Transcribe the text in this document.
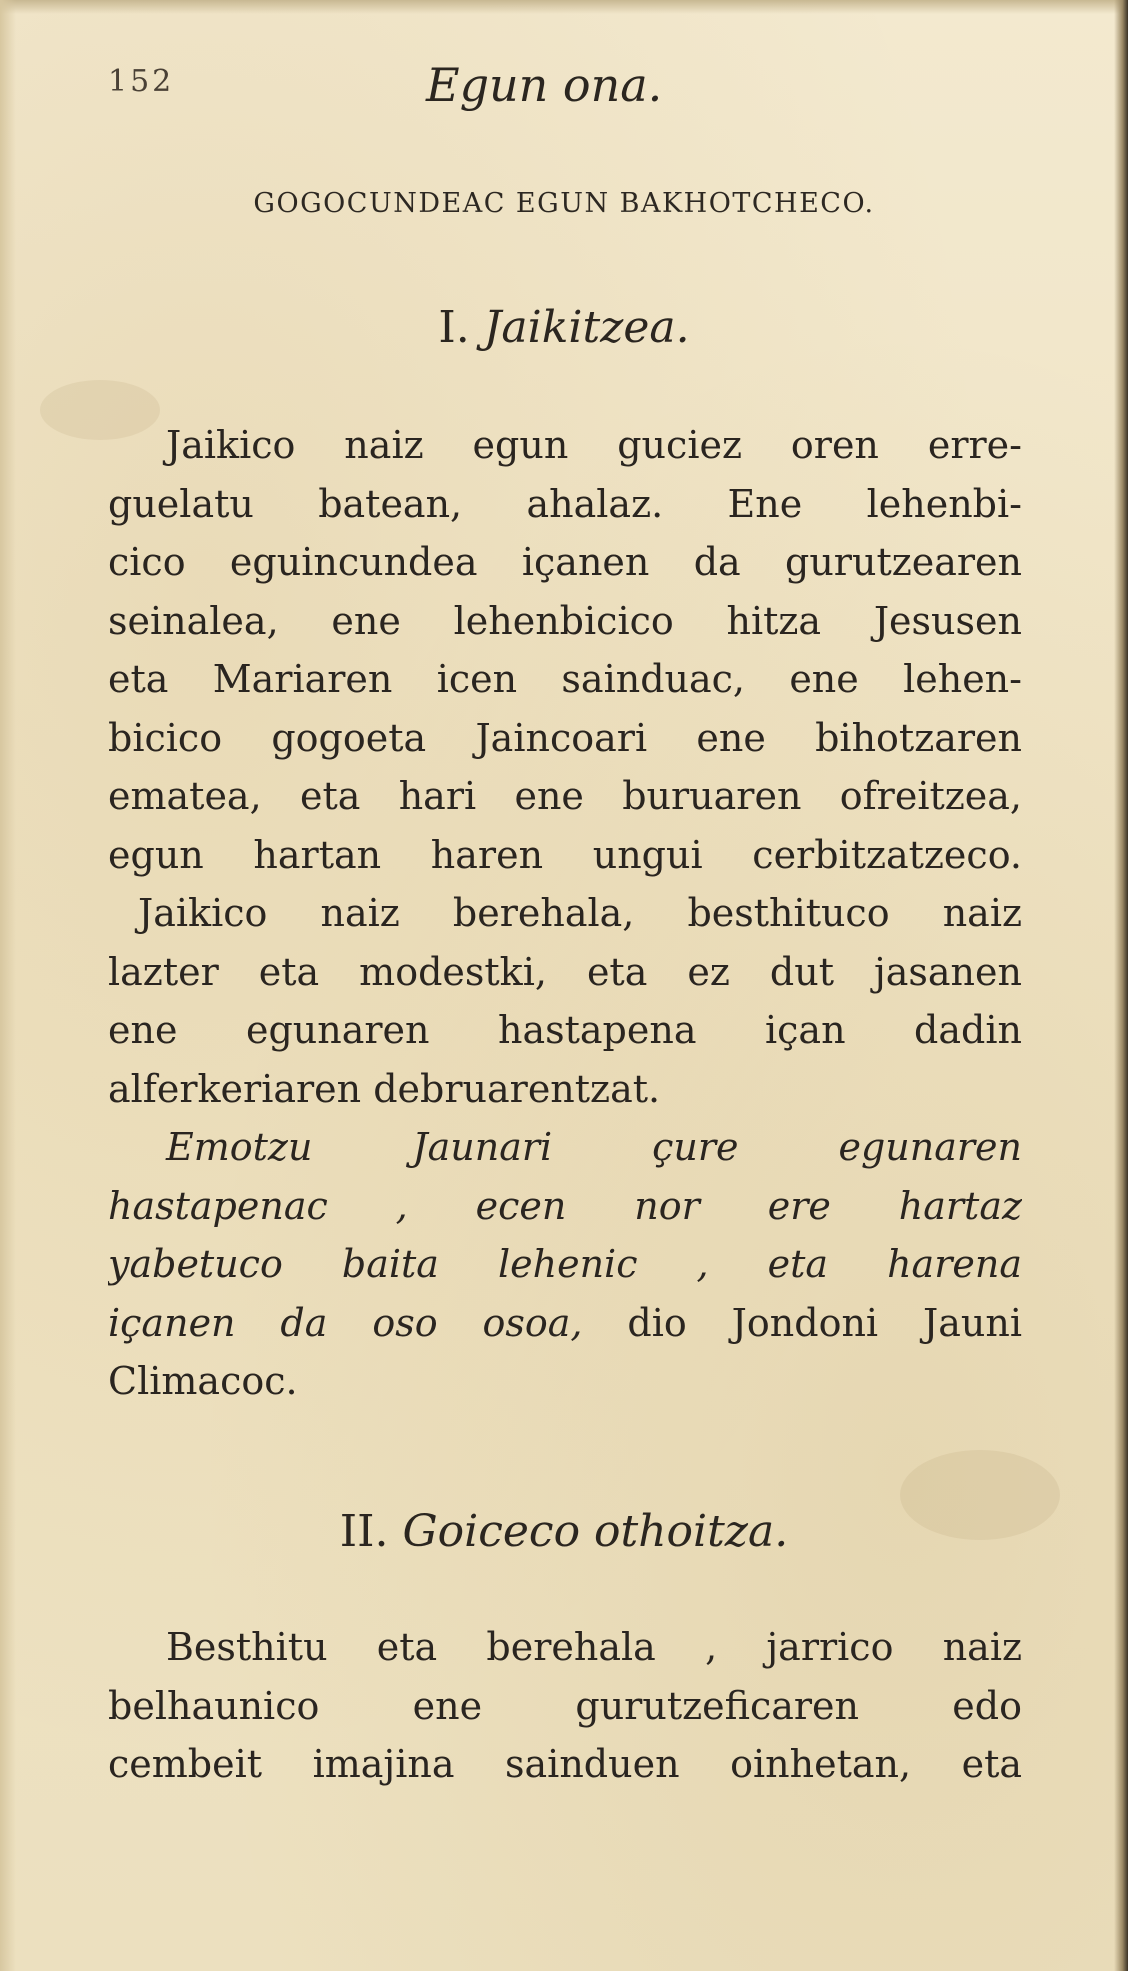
152	Egun ona.
GOGOCUNDEAC EGUN BAKHOTCHECO.
I. Jaikitzea.
Jaikico naiz egun guciez oren erre-
guelatu batean, ahalaz. Ene lehenbi-
cico eguincundea içanen da gurutzearen
seinalea, ene lehenbicico hitza Jesusen
eta Mariaren icen sainduac, ene lehen-
bicico gogoeta Jaincoari ene bihotzaren
ematea, eta hari ene buruaren ofreitzea,
egun hartan haren ungui cerbitzatzeco.
Jaikico naiz berehala, besthituco naiz
lazter eta modestki, eta ez dut jasanen
ene egunaren hastapena içan dadin
alferkeriaren debruarentzat.
Emotzu Jaunari çure egunaren
hastapenac , ecen nor ere hartaz
yabetuco baita lehenic , eta harena
içanen da oso osoa, dio Jondoni Jauni
Climacoc.
II. Goiceco othoitza.
Besthitu eta berehala , jarrico naiz
belhaunico ene gurutzeficaren edo
cembeit imajina sainduen oinhetan, eta
